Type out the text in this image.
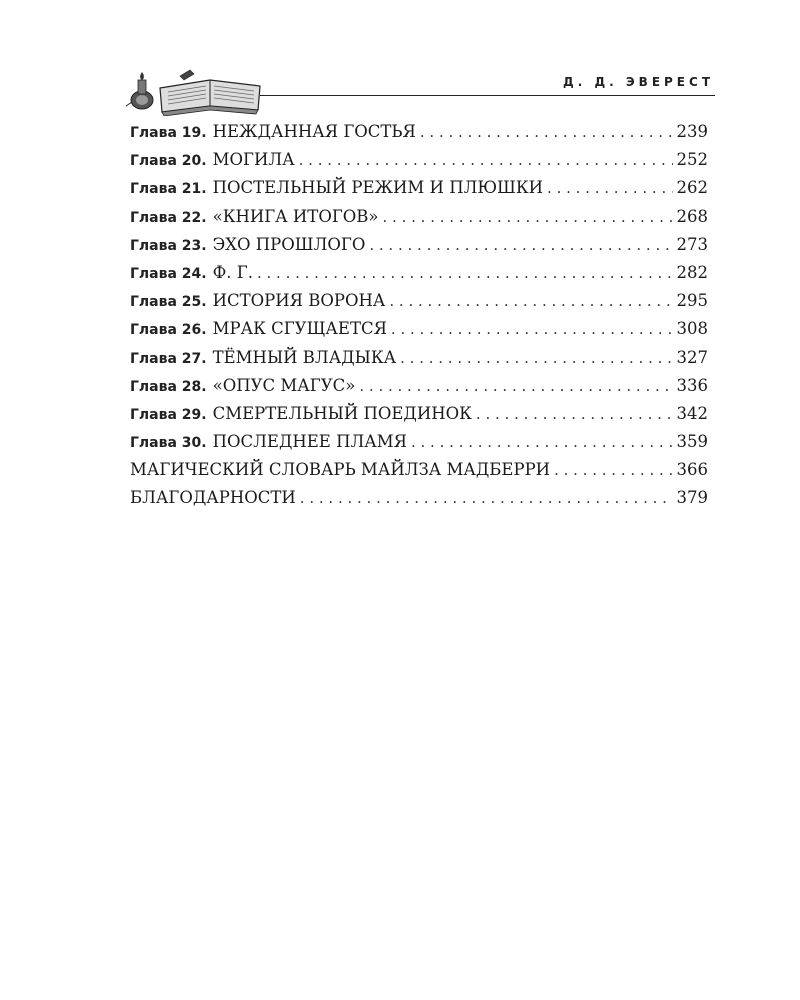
Д. Д. ЭВЕРЕСТ
Глава 19. НЕЖДАННАЯ ГОСТЬЯ . . .	239
Глава 20. МОГИЛА . . .	252
Глава 21. ПОСТЕЛЬНЫЙ РЕЖИМ И ПЛЮШКИ . . .	262
Глава 22. «КНИГА ИТОГОВ» . . .	268
Глава 23. ЭХО ПРОШЛОГО . . .	273
Глава 24. Ф. Г. . . .	282
Глава 25. ИСТОРИЯ ВОРОНА . . .	295
Глава 26. МРАК СГУЩАЕТСЯ . . .	308
Глава 27. ТЁМНЫЙ ВЛАДЫКА . . .	327
Глава 28. «ОПУС МАГУС» . . .	336
Глава 29. СМЕРТЕЛЬНЫЙ ПОЕДИНОК . . .	342
Глава 30. ПОСЛЕДНЕЕ ПЛАМЯ . . .	359
МАГИЧЕСКИЙ СЛОВАРЬ МАЙЛЗА МАДБЕРРИ . . .	366
БЛАГОДАРНОСТИ . . .	379
